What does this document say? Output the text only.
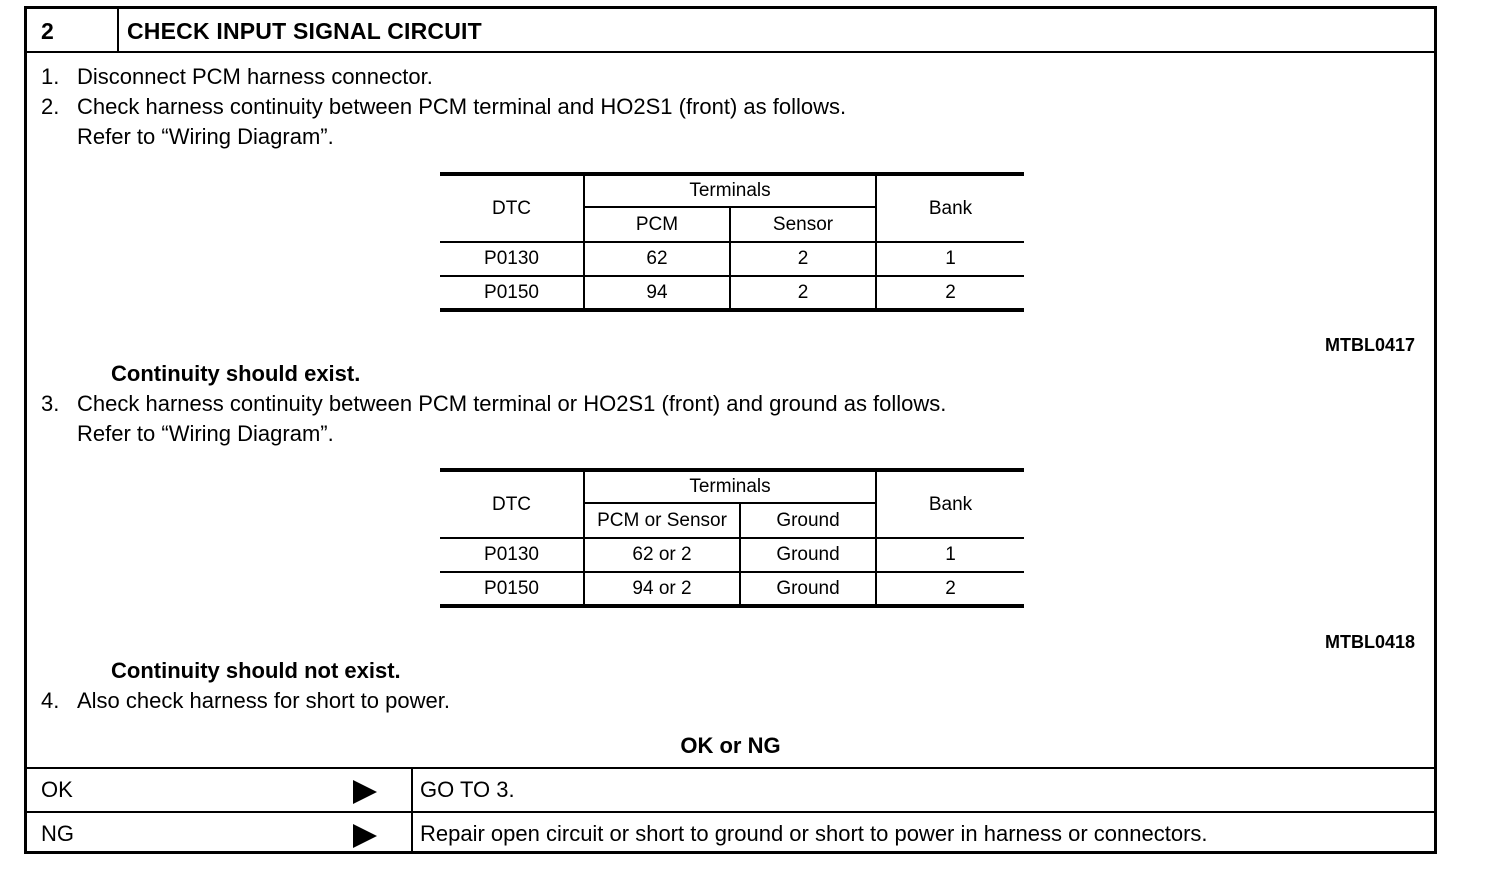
2	CHECK INPUT SIGNAL CIRCUIT
1. Disconnect PCM harness connector.
2. Check harness continuity between PCM terminal and HO2S1 (front) as follows.
Refer to “Wiring Diagram”.
DTC	Terminals		Bank
	PCM	Sensor	
P0130	62	2	1
P0150	94	2	2
MTBL0417
Continuity should exist.
3. Check harness continuity between PCM terminal or HO2S1 (front) and ground as follows.
Refer to “Wiring Diagram”.
DTC	Terminals		Bank
	PCM or Sensor	Ground	
P0130	62 or 2	Ground	1
P0150	94 or 2	Ground	2
MTBL0418
Continuity should not exist.
4. Also check harness for short to power.
OK or NG
OK	GO TO 3.
NG	Repair open circuit or short to ground or short to power in harness or connectors.
